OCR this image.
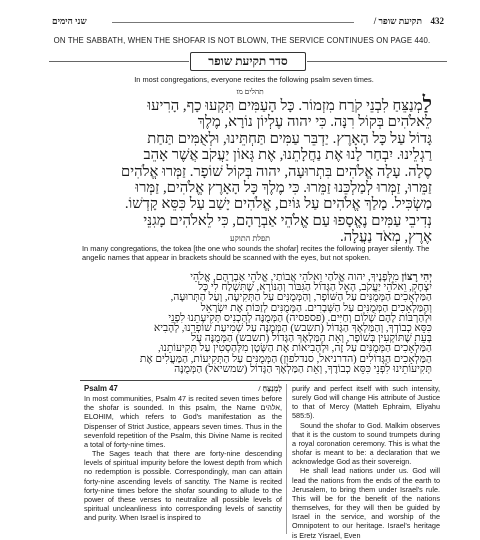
שני הימים	תקיעת שופר / 432
ON THE SABBATH, WHEN THE SHOFAR IS NOT BLOWN, THE SERVICE CONTINUES ON PAGE 440.
סדר תקיעת שופר
In most congregations, everyone recites the following psalm seven times.
תהלים מז
לַמְנַצֵּחַ לִבְנֵי קֹרַח מִזְמוֹר. כָּל הָעַמִּים תִּקְעוּ כָף, הָרִיעוּ
לֵאלֹהִים בְּקוֹל רִנָּה. כִּי יהוה עֶלְיוֹן נוֹרָא, מֶלֶךְ
גָּדוֹל עַל כָּל הָאָרֶץ. יַדְבֵּר עַמִּים תַּחְתֵּינוּ, וּלְאֻמִּים תַּחַת
רַגְלֵינוּ. יִבְחַר לָנוּ אֶת נַחֲלָתֵנוּ, אֶת גְּאוֹן יַעֲקֹב אֲשֶׁר אָהֵב
סֶלָה. עָלָה אֱלֹהִים בִּתְרוּעָה, יהוה בְּקוֹל שׁוֹפָר. זַמְּרוּ אֱלֹהִים
זַמֵּרוּ, זַמְּרוּ לְמַלְכֵּנוּ זַמֵּרוּ. כִּי מֶלֶךְ כָּל הָאָרֶץ אֱלֹהִים, זַמְּרוּ
מַשְׂכִּיל. מָלַךְ אֱלֹהִים עַל גּוֹיִם, אֱלֹהִים יָשַׁב עַל כִּסֵּא קָדְשׁוֹ.
נְדִיבֵי עַמִּים נֶאֱסָפוּ עַם אֱלֹהֵי אַבְרָהָם, כִּי לֵאלֹהִים מָגִנֵּי
אֶרֶץ, מְאֹד נַעֲלָה.
תפלת התוקע
In many congregations, the tokea [the one who sounds the shofar] recites the following prayer silently. The angelic names that appear in brackets should be scanned with the eyes, but not spoken.
יְהִי רָצוֹן מִלְּפָנֶיךָ, יהוה אֱלֹהַי וֵאלֹהֵי אֲבוֹתַי, אֱלֹהֵי אַבְרָהָם, אֱלֹהֵי
יִצְחָק, וֵאלֹהֵי יַעֲקֹב, הָאֵל הַגָּדוֹל הַגִּבּוֹר וְהַנּוֹרָא, שֶׁתִּשְׁלַח לִי כָּל
הַמַּלְאָכִים הַמְּמֻנִּים עַל הַשּׁוֹפָר, וְהַמְּמֻנִּים עַל הַתְּקִיעָה, וְעַל הַתְּרוּעָה,
וְהַמַּלְאָכִים הַמְּמֻנִּים עַל הַשְּׁבָרִים. הַמְּמֻנִּים לְזַכּוֹת אֶת יִשְׂרָאֵל
וּלְהַרְבּוֹת לָהֶם שָׁלוֹם וְחַיִּים. (פספסיה) הַמְּמֻנֶּה לְהַכְנִיס תְּקִיעָתֵנוּ לִפְנֵי
כִּסֵּא כְבוֹדְךָ, וְהַמַּלְאָךְ הַגָּדוֹל (תשבש) הַמְּמֻנֶּה עַל שְׁמִיעַת שׁוֹפְרֵנוּ, לְהָבִיא
בְּעֵת שֶׁתּוֹקְעִין בְּשׁוֹפָר, וְאֵת הַמַּלְאָךְ הַגָּדוֹל (תשבש) הַמְּמֻנֶּה עַל
הַמַּלְאָכִים הַמְּמֻנִּים עַל זֶה, וּלְהָבִיאוֹת אֶת הַשָּׂטָן מִלְּהַסְטִין עַל תְּקִיעוֹתֵנוּ,
הַמַּלְאָכִים הַגְּדוֹלִים (הדרניאל, סנדלפון) הַמְּמֻנִּים עַל הַתְּקִיעוֹת, הַמַּעֲלִים אֶת
תְּקִיעוֹתֵינוּ לִפְנֵי כִּסֵּא כְבוֹדֶךָ, וְאֵת הַמַּלְאָךְ הַגָּדוֹל (שמשיאל) הַמְּמֻנֶּה
Psalm 47	לַמְנַצֵּחַ /

In most communities, Psalm 47 is recited seven times before the shofar is sounded. In this psalm, the Name אלהים, ELOHIM, which refers to God's manifestation as the Dispenser of Strict Justice, appears seven times. Thus in the sevenfold repetition of the Psalm, this Divine Name is recited a total of forty-nine times.

The Sages teach that there are forty-nine descending levels of spiritual impurity before the lowest depth from which no redemption is possible. Correspondingly, man can attain forty-nine ascending levels of sanctity. The Name is recited forty-nine times before the shofar sounding to allude to the power of these verses to neutralize all possible levels of spiritual uncleanliness into corresponding levels of sanctity and purity. When Israel is inspired to

purify and perfect itself with such intensity, surely God will change His attribute of Justice to that of Mercy (Matteh Ephraim, Eliyahu 585:5).

Sound the shofar to God. Malkim observes that it is the custom to sound trumpets during a royal coronation ceremony. This is what the shofar is meant to be: a declaration that we acknowledge God as their sovereign.

He shall lead nations under us. God will lead the nations from the ends of the earth to Jerusalem, to bring them under Israel's rule. This will be for the benefit of the nations themselves, for they will then be guided by Israel in the service, and worship of the Omnipotent to our heritage. Israel's heritage is Eretz Yisrael, Even
